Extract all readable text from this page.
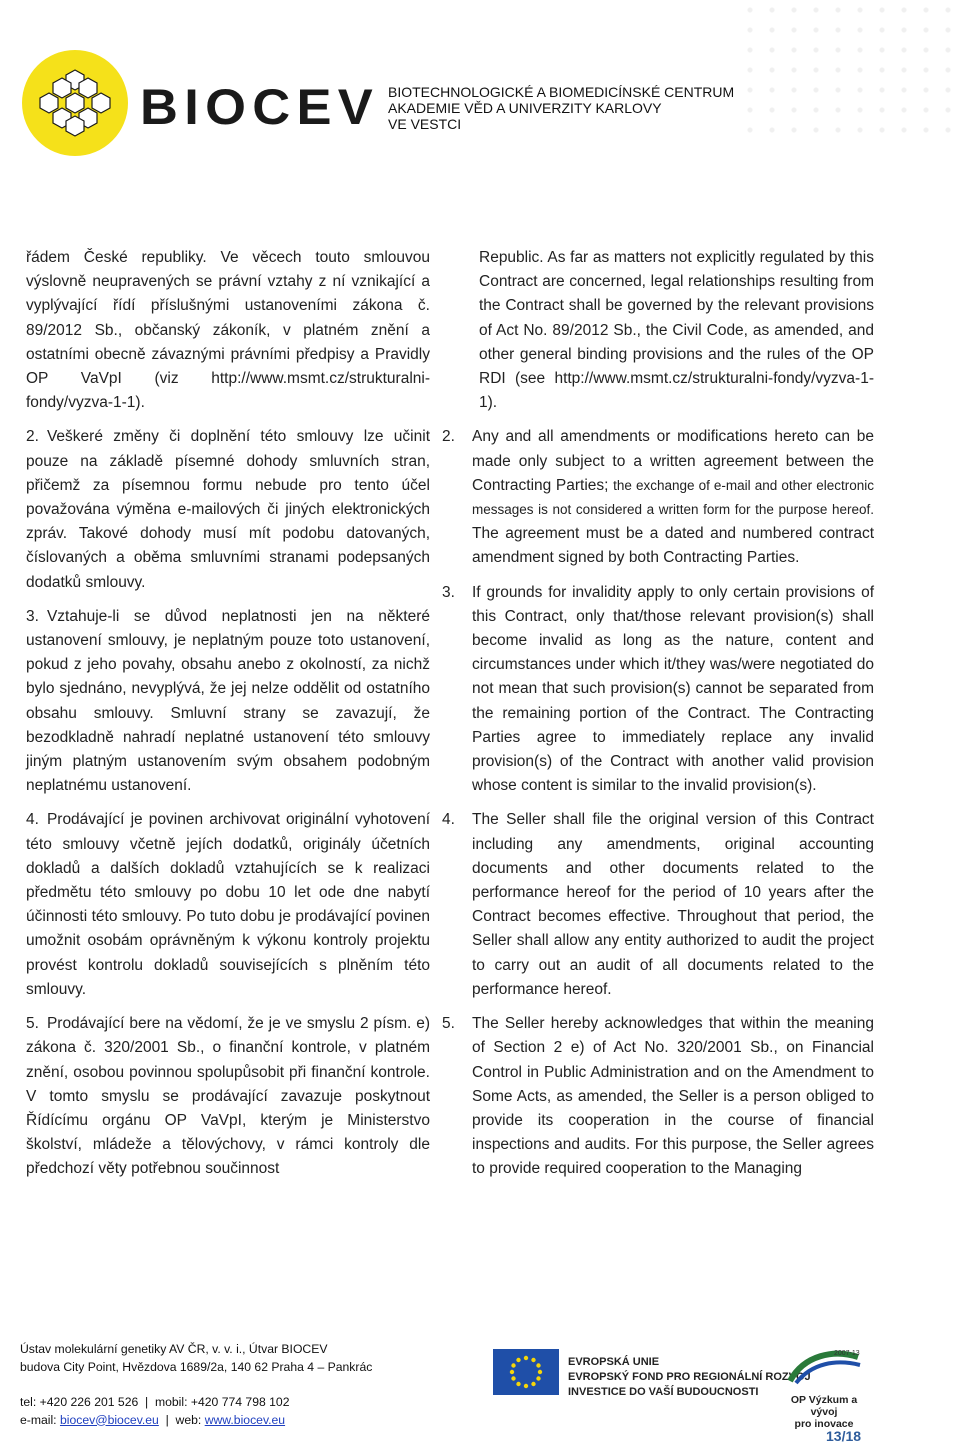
BIOCEV BIOTECHNOLOGICKÉ A BIOMEDICÍNSKÉ CENTRUM
AKADEMIE VĚD A UNIVERZITY KARLOVY
VE VESTCI

řádem České republiky. Ve věcech touto smlouvou výslovně neupravených se právní vztahy z ní vznikající a vyplývající řídí příslušnými ustanoveními zákona č. 89/2012 Sb., občanský zákoník, v platném znění a ostatními obecně závaznými právními předpisy a Pravidly OP VaVpI (viz http://www.msmt.cz/strukturalni-fondy/vyzva-1-1).

2. Veškeré změny či doplnění této smlouvy lze učinit pouze na základě písemné dohody smluvních stran, přičemž za písemnou formu nebude pro tento účel považována výměna e-mailových či jiných elektronických zpráv. Takové dohody musí mít podobu datovaných, číslovaných a oběma smluvními stranami podepsaných dodatků smlouvy.

3. Vztahuje-li se důvod neplatnosti jen na některé ustanovení smlouvy, je neplatným pouze toto ustanovení, pokud z jeho povahy, obsahu anebo z okolností, za nichž bylo sjednáno, nevyplývá, že jej nelze oddělit od ostatního obsahu smlouvy. Smluvní strany se zavazují, že bezodkladně nahradí neplatné ustanovení této smlouvy jiným platným ustanovením svým obsahem podobným neplatnému ustanovení.

4. Prodávající je povinen archivovat originální vyhotovení této smlouvy včetně jejích dodatků, originály účetních dokladů a dalších dokladů vztahujících se k realizaci předmětu této smlouvy po dobu 10 let ode dne nabytí účinnosti této smlouvy. Po tuto dobu je prodávající povinen umožnit osobám oprávněným k výkonu kontroly projektu provést kontrolu dokladů souvisejících s plněním této smlouvy.

5. Prodávající bere na vědomí, že je ve smyslu 2 písm. e) zákona č. 320/2001 Sb., o finanční kontrole, v platném znění, osobou povinnou spolupůsobit při finanční kontrole. V tomto smyslu se prodávající zavazuje poskytnout Řídícímu orgánu OP VaVpI, kterým je Ministerstvo školství, mládeže a tělovýchovy, v rámci kontroly dle předchozí věty potřebnou součinnost

Republic. As far as matters not explicitly regulated by this Contract are concerned, legal relationships resulting from the Contract shall be governed by the relevant provisions of Act No. 89/2012 Sb., the Civil Code, as amended, and other general binding provisions and the rules of the OP RDI (see http://www.msmt.cz/strukturalni-fondy/vyzva-1-1).

2. Any and all amendments or modifications hereto can be made only subject to a written agreement between the Contracting Parties; the exchange of e-mail and other electronic messages is not considered a written form for the purpose hereof. The agreement must be a dated and numbered contract amendment signed by both Contracting Parties.
3. If grounds for invalidity apply to only certain provisions of this Contract, only that/those relevant provision(s) shall become invalid as long as the nature, content and circumstances under which it/they was/were negotiated do not mean that such provision(s) cannot be separated from the remaining portion of the Contract. The Contracting Parties agree to immediately replace any invalid provision(s) of the Contract with another valid provision whose content is similar to the invalid provision(s).
4. The Seller shall file the original version of this Contract including any amendments, original accounting documents and other documents related to the performance hereof for the period of 10 years after the Contract becomes effective. Throughout that period, the Seller shall allow any entity authorized to audit the project to carry out an audit of all documents related to the performance hereof.
5. The Seller hereby acknowledges that within the meaning of Section 2 e) of Act No. 320/2001 Sb., on Financial Control in Public Administration and on the Amendment to Some Acts, as amended, the Seller is a person obliged to provide its cooperation in the course of financial inspections and audits. For this purpose, the Seller agrees to provide required cooperation to the Managing
Ústav molekulární genetiky AV ČR, v. v. i., Útvar BIOCEV
budova City Point, Hvězdova 1689/2a, 140 62 Praha 4 – Pankrác
tel: +420 226 201 526  |  mobil: +420 774 798 102
e-mail: biocev@biocev.eu  |  web: www.biocev.eu
EVROPSKÁ UNIE
EVROPSKÝ FOND PRO REGIONÁLNÍ ROZVOJ
INVESTICE DO VAŠÍ BUDOUCNOSTI
2007-13
OP Výzkum a vývoj
pro inovace
13/18
